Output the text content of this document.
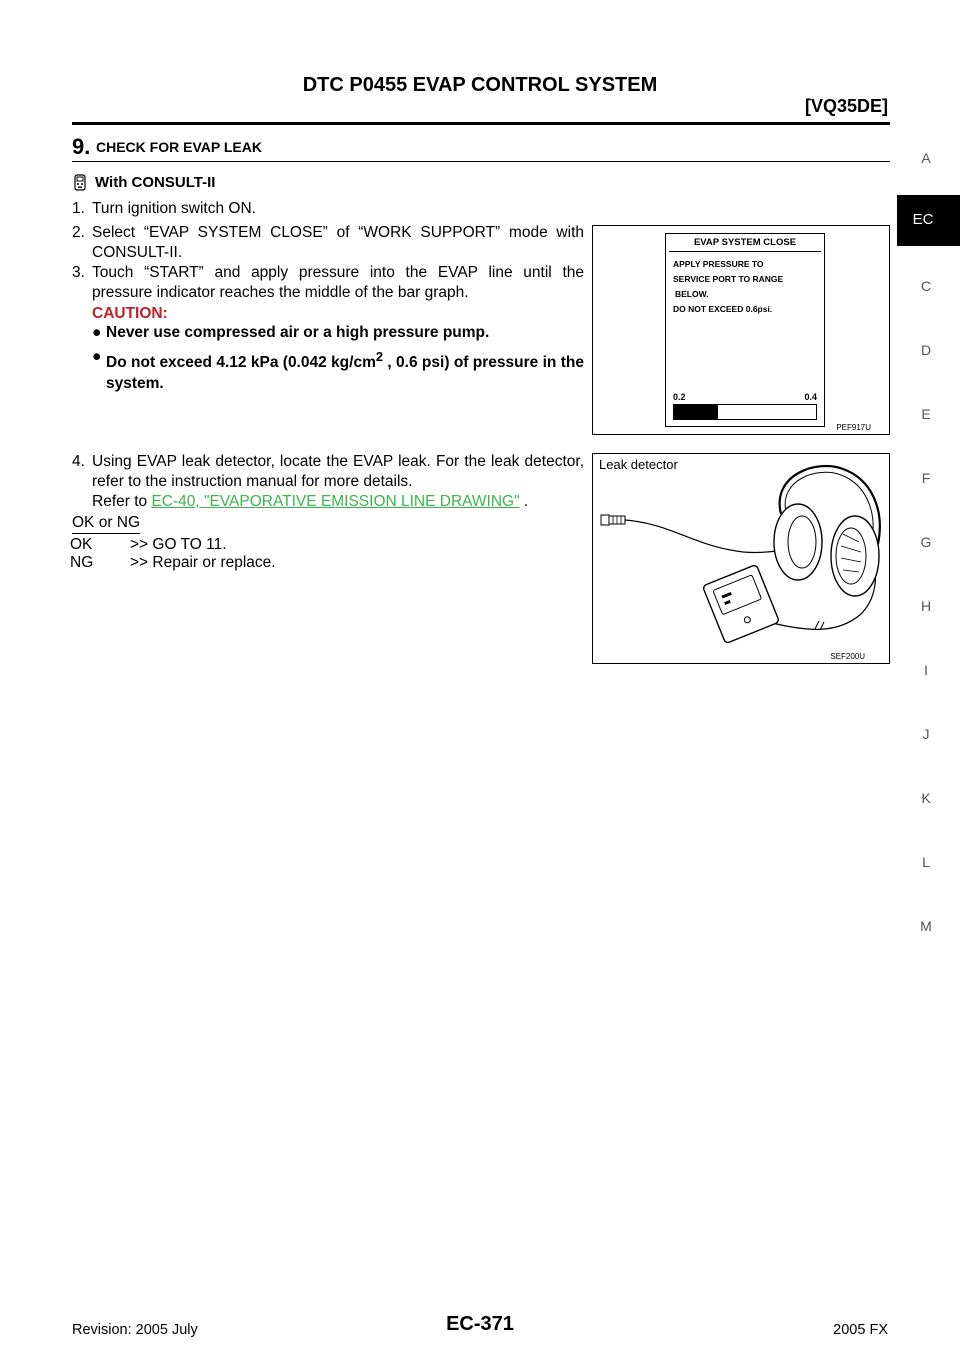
DTC P0455 EVAP CONTROL SYSTEM
[VQ35DE]
9. CHECK FOR EVAP LEAK
With CONSULT-II
1. Turn ignition switch ON.
2. Select “EVAP SYSTEM CLOSE” of “WORK SUPPORT” mode with CONSULT-II.
3. Touch “START” and apply pressure into the EVAP line until the pressure indicator reaches the middle of the bar graph.
CAUTION:
● Never use compressed air or a high pressure pump.
● Do not exceed 4.12 kPa (0.042 $kg/cm^2$ , 0.6 psi) of pressure in the system.
4. Using EVAP leak detector, locate the EVAP leak. For the leak detector, refer to the instruction manual for more details.
Refer to EC-40, "EVAPORATIVE EMISSION LINE DRAWING" .
OK or NG
OK >> GO TO 11.
NG >> Repair or replace.
EVAP SYSTEM CLOSE
APPLY PRESSURE TO
SERVICE PORT TO RANGE
BELOW.
DO NOT EXCEED 0.6psi.
0.2	0.4
PEF917U
Leak detector
SEF200U
A
EC
C
D
E
F
G
H
I
J
K
L
M
Revision: 2005 July	EC-371	2005 FX
